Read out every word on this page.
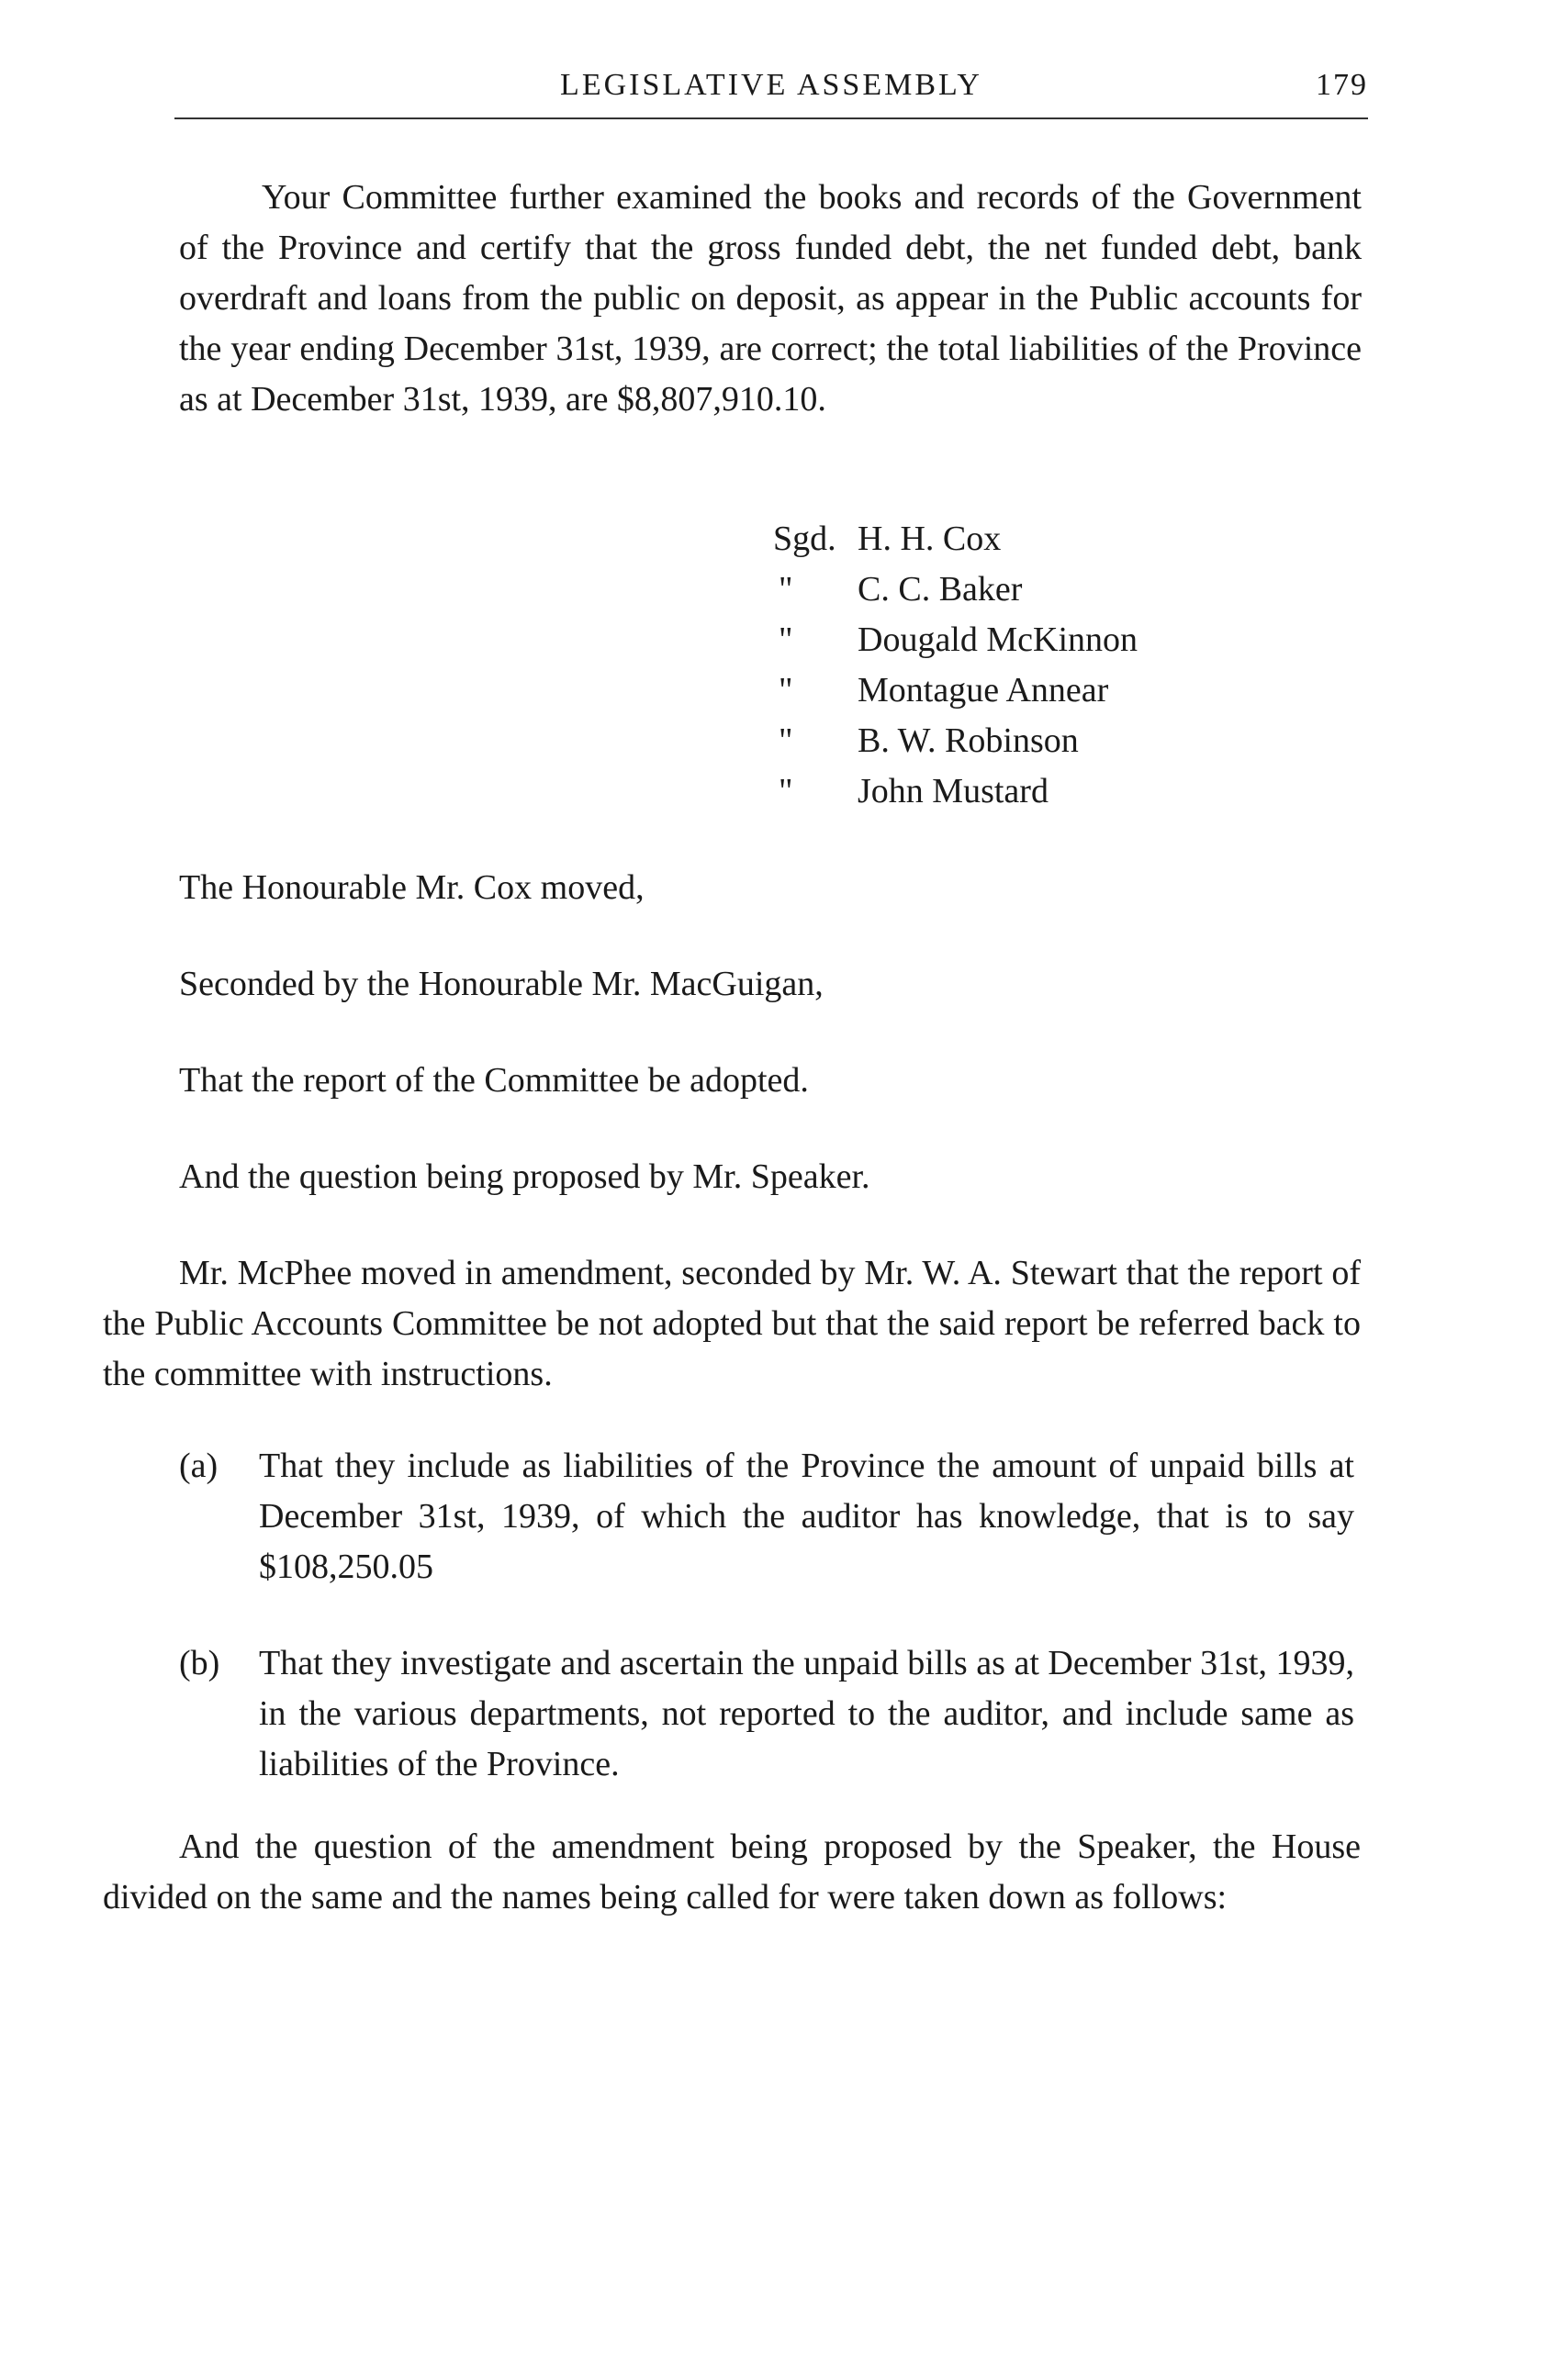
LEGISLATIVE ASSEMBLY	179

Your Committee further examined the books and records of the Government of the Province and certify that the gross funded debt, the net funded debt, bank overdraft and loans from the public on deposit, as appear in the Public accounts for the year ending December 31st, 1939, are correct; the total liabilities of the Province as at December 31st, 1939, are $8,807,910.10.

Sgd. H. H. Cox
"	C. C. Baker
"	Dougald McKinnon
"	Montague Annear
"	B. W. Robinson
"	John Mustard

The Honourable Mr. Cox moved,

Seconded by the Honourable Mr. MacGuigan,

That the report of the Committee be adopted.

And the question being proposed by Mr. Speaker.

Mr. McPhee moved in amendment, seconded by Mr. W. A. Stewart that the report of the Public Accounts Committee be not adopted but that the said report be referred back to the committee with instructions.

(a) That they include as liabilities of the Province the amount of unpaid bills at December 31st, 1939, of which the auditor has knowledge, that is to say $108,250.05

(b) That they investigate and ascertain the unpaid bills as at December 31st, 1939, in the various departments, not reported to the auditor, and include same as liabilities of the Province.

And the question of the amendment being proposed by the Speaker, the House divided on the same and the names being called for were taken down as follows:
